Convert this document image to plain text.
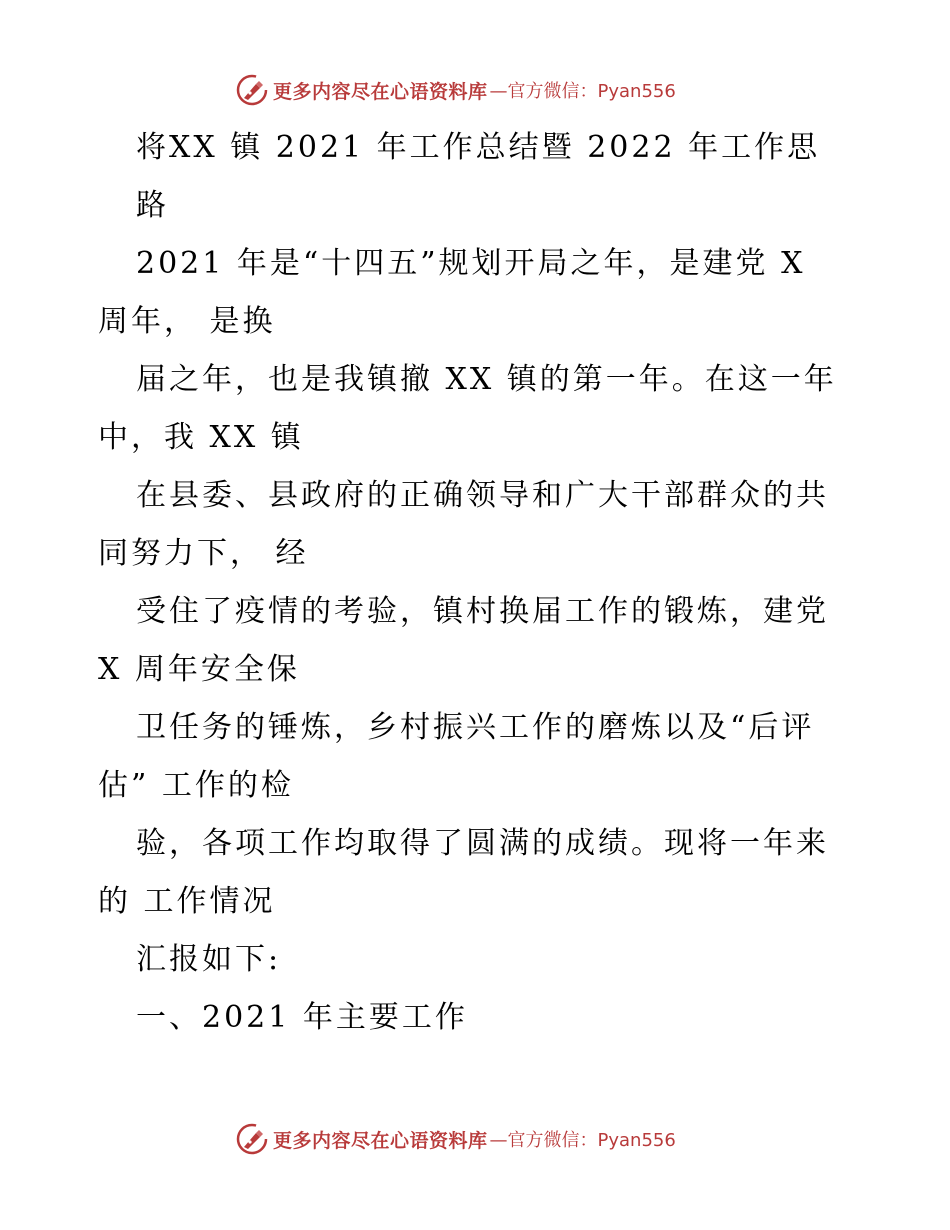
更多内容尽在心语资料库 —官方微信：Pyan556
将XX 镇 2021 年工作总结暨 2022 年工作思
路
2021 年是“十四五”规划开局之年，是建党 X
周年， 是换
届之年，也是我镇撤 XX 镇的第一年。在这一年
中，我 XX 镇
在县委、县政府的正确领导和广大干部群众的共
同努力下， 经
受住了疫情的考验，镇村换届工作的锻炼，建党
X 周年安全保
卫任务的锤炼，乡村振兴工作的磨炼以及“后评
估” 工作的检
验，各项工作均取得了圆满的成绩。现将一年来
的 工作情况
汇报如下:
一、2021 年主要工作
更多内容尽在心语资料库 —官方微信：Pyan556
